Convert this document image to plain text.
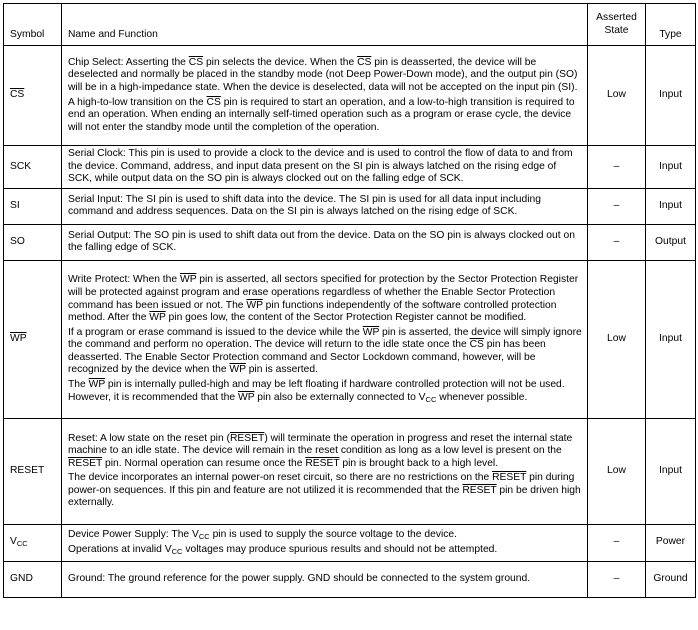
Symbol	Name and Function	Asserted State	Type
$\overline{CS}$	Chip Select: Asserting the $\overline{CS}$ pin selects the device. When the $\overline{CS}$ pin is deasserted, the device will be deselected and normally be placed in the standby mode (not Deep Power-Down mode), and the output pin (SO) will be in a high-impedance state. When the device is deselected, data will not be accepted on the input pin (SI).

A high-to-low transition on the $\overline{CS}$ pin is required to start an operation, and a low-to-high transition is required to end an operation. When ending an internally self-timed operation such as a program or erase cycle, the device will not enter the standby mode until the completion of the operation.	Low	Input
SCK	Serial Clock: This pin is used to provide a clock to the device and is used to control the flow of data to and from the device. Command, address, and input data present on the SI pin is always latched on the rising edge of SCK, while output data on the SO pin is always clocked out on the falling edge of SCK.	–	Input
SI	Serial Input: The SI pin is used to shift data into the device. The SI pin is used for all data input including command and address sequences. Data on the SI pin is always latched on the rising edge of SCK.	–	Input
SO	Serial Output: The SO pin is used to shift data out from the device. Data on the SO pin is always clocked out on the falling edge of SCK.	–	Output
$\overline{WP}$	Write Protect: When the $\overline{WP}$ pin is asserted, all sectors specified for protection by the Sector Protection Register will be protected against program and erase operations regardless of whether the Enable Sector Protection command has been issued or not. The $\overline{WP}$ pin functions independently of the software controlled protection method. After the $\overline{WP}$ pin goes low, the content of the Sector Protection Register cannot be modified.

If a program or erase command is issued to the device while the $\overline{WP}$ pin is asserted, the device will simply ignore the command and perform no operation. The device will return to the idle state once the $\overline{CS}$ pin has been deasserted. The Enable Sector Protection command and Sector Lockdown command, however, will be recognized by the device when the $\overline{WP}$ pin is asserted.

The $\overline{WP}$ pin is internally pulled-high and may be left floating if hardware controlled protection will not be used. However, it is recommended that the $\overline{WP}$ pin also be externally connected to $V_{CC}$ whenever possible.	Low	Input
RESET	Reset: A low state on the reset pin (RESET) will terminate the operation in progress and reset the internal state machine to an idle state. The device will remain in the reset condition as long as a low level is present on the RESET pin. Normal operation can resume once the RESET pin is brought back to a high level.

The device incorporates an internal power-on reset circuit, so there are no restrictions on the RESET pin during power-on sequences. If this pin and feature are not utilized it is recommended that the RESET pin be driven high externally.	Low	Input
$V_{CC}$	Device Power Supply: The $V_{CC}$ pin is used to supply the source voltage to the device.

Operations at invalid $V_{CC}$ voltages may produce spurious results and should not be attempted.	–	Power
GND	Ground: The ground reference for the power supply. GND should be connected to the system ground.	–	Ground
